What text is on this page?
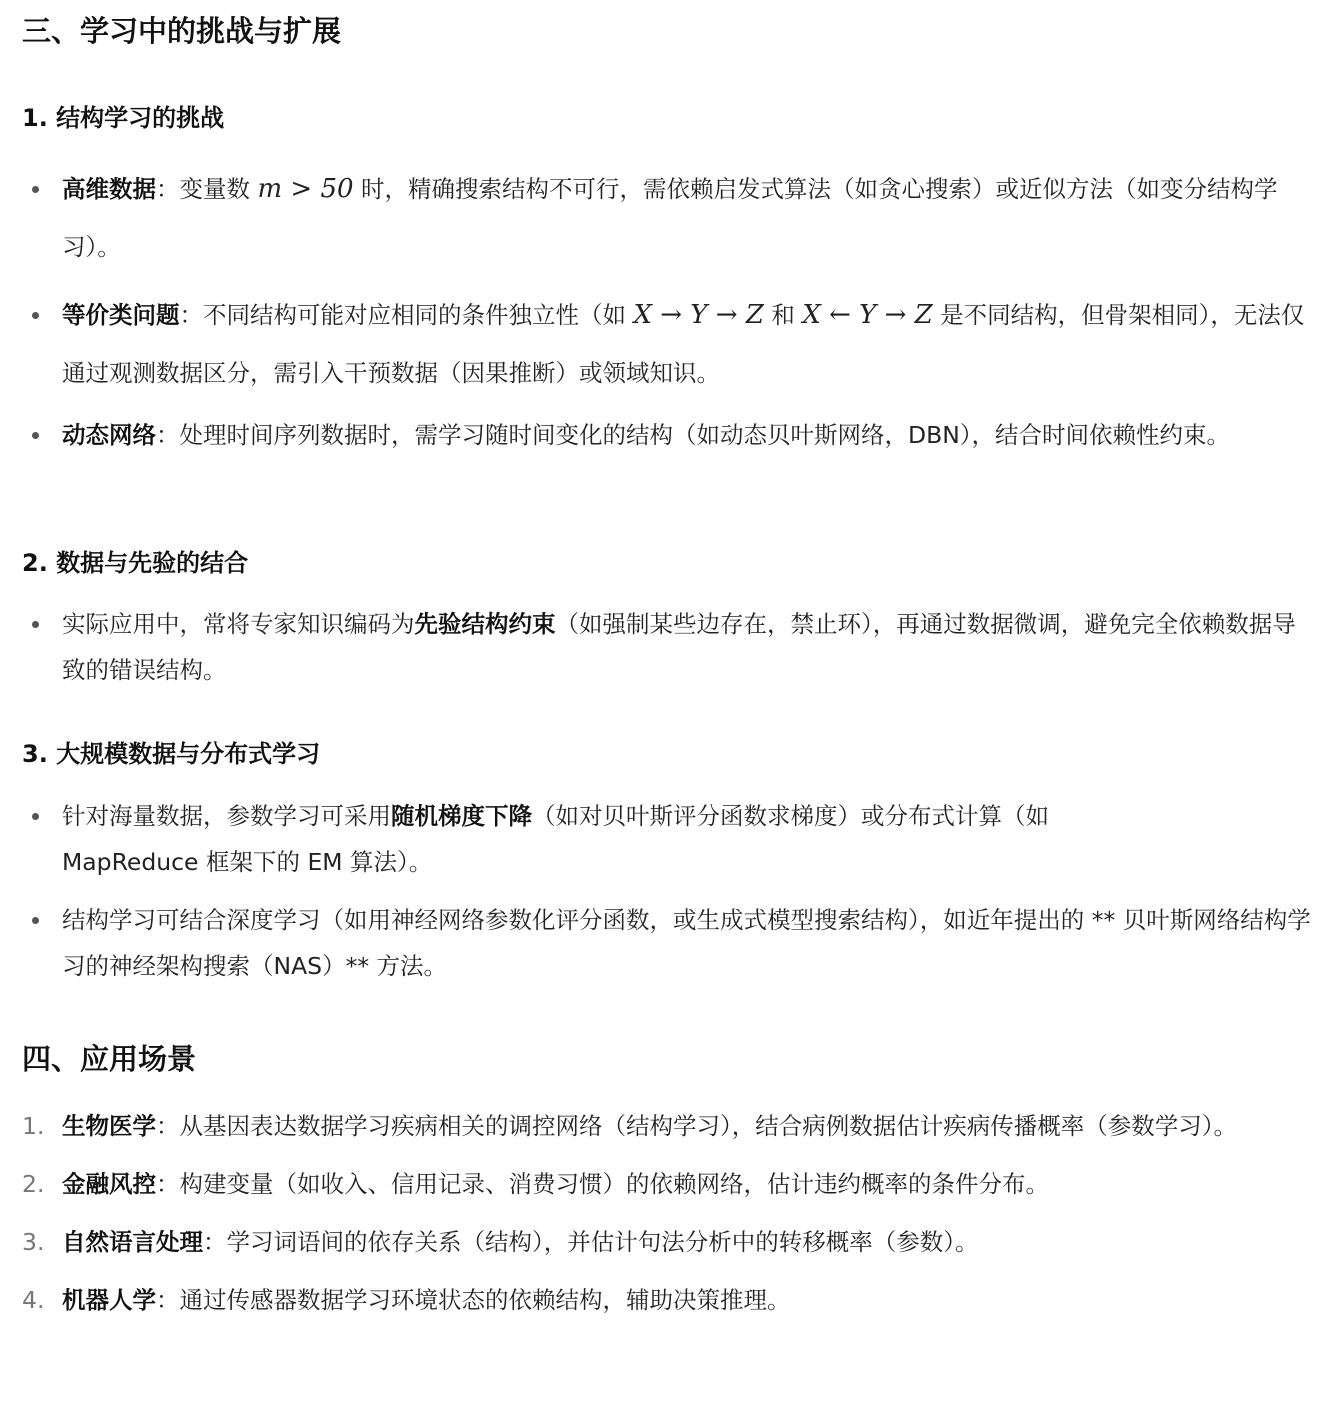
三、学习中的挑战与扩展
1. 结构学习的挑战
高维数据：变量数 m > 50 时，精确搜索结构不可行，需依赖启发式算法（如贪心搜索）或近似方法（如变分结构学习）。
等价类问题：不同结构可能对应相同的条件独立性（如 X → Y → Z 和 X ← Y → Z 是不同结构，但骨架相同），无法仅通过观测数据区分，需引入干预数据（因果推断）或领域知识。
动态网络：处理时间序列数据时，需学习随时间变化的结构（如动态贝叶斯网络，DBN），结合时间依赖性约束。
2. 数据与先验的结合
实际应用中，常将专家知识编码为先验结构约束（如强制某些边存在，禁止环），再通过数据微调，避免完全依赖数据导致的错误结构。
3. 大规模数据与分布式学习
针对海量数据，参数学习可采用随机梯度下降（如对贝叶斯评分函数求梯度）或分布式计算（如
MapReduce 框架下的 EM 算法）。
结构学习可结合深度学习（如用神经网络参数化评分函数，或生成式模型搜索结构），如近年提出的 ** 贝叶斯网络结构学习的神经架构搜索（NAS）** 方法。
四、应用场景
1. 生物医学：从基因表达数据学习疾病相关的调控网络（结构学习），结合病例数据估计疾病传播概率（参数学习）。
2. 金融风控：构建变量（如收入、信用记录、消费习惯）的依赖网络，估计违约概率的条件分布。
3. 自然语言处理：学习词语间的依存关系（结构），并估计句法分析中的转移概率（参数）。
4. 机器人学：通过传感器数据学习环境状态的依赖结构，辅助决策推理。
